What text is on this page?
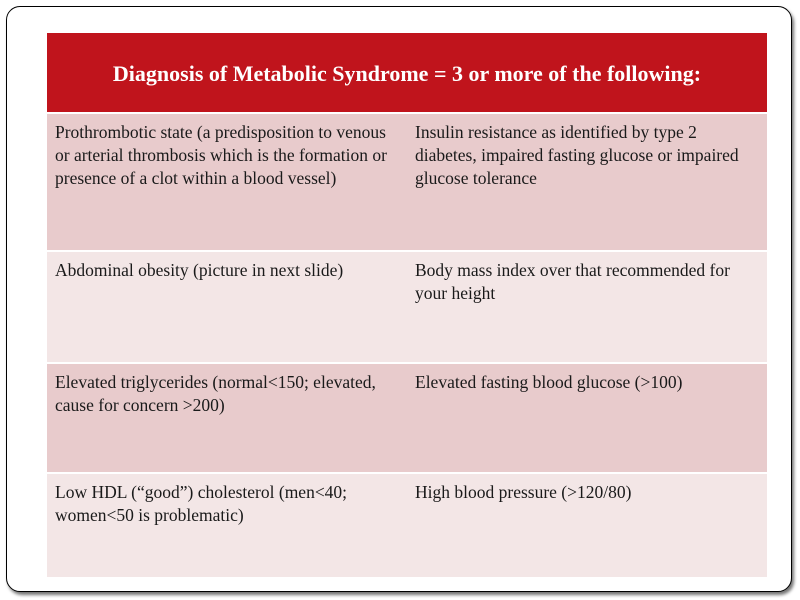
Diagnosis of Metabolic Syndrome = 3 or more of the following:	
Prothrombotic state (a predisposition to venous or arterial thrombosis which is the formation or presence of a clot within a blood vessel)	Insulin resistance as identified by type 2 diabetes, impaired fasting glucose or impaired glucose tolerance
Abdominal obesity (picture in next slide)	Body mass index over that recommended for your height
Elevated triglycerides (normal<150; elevated, cause for concern >200)	Elevated fasting blood glucose (>100)
Low HDL (“good”) cholesterol (men<40; women<50 is problematic)	High blood pressure (>120/80)
